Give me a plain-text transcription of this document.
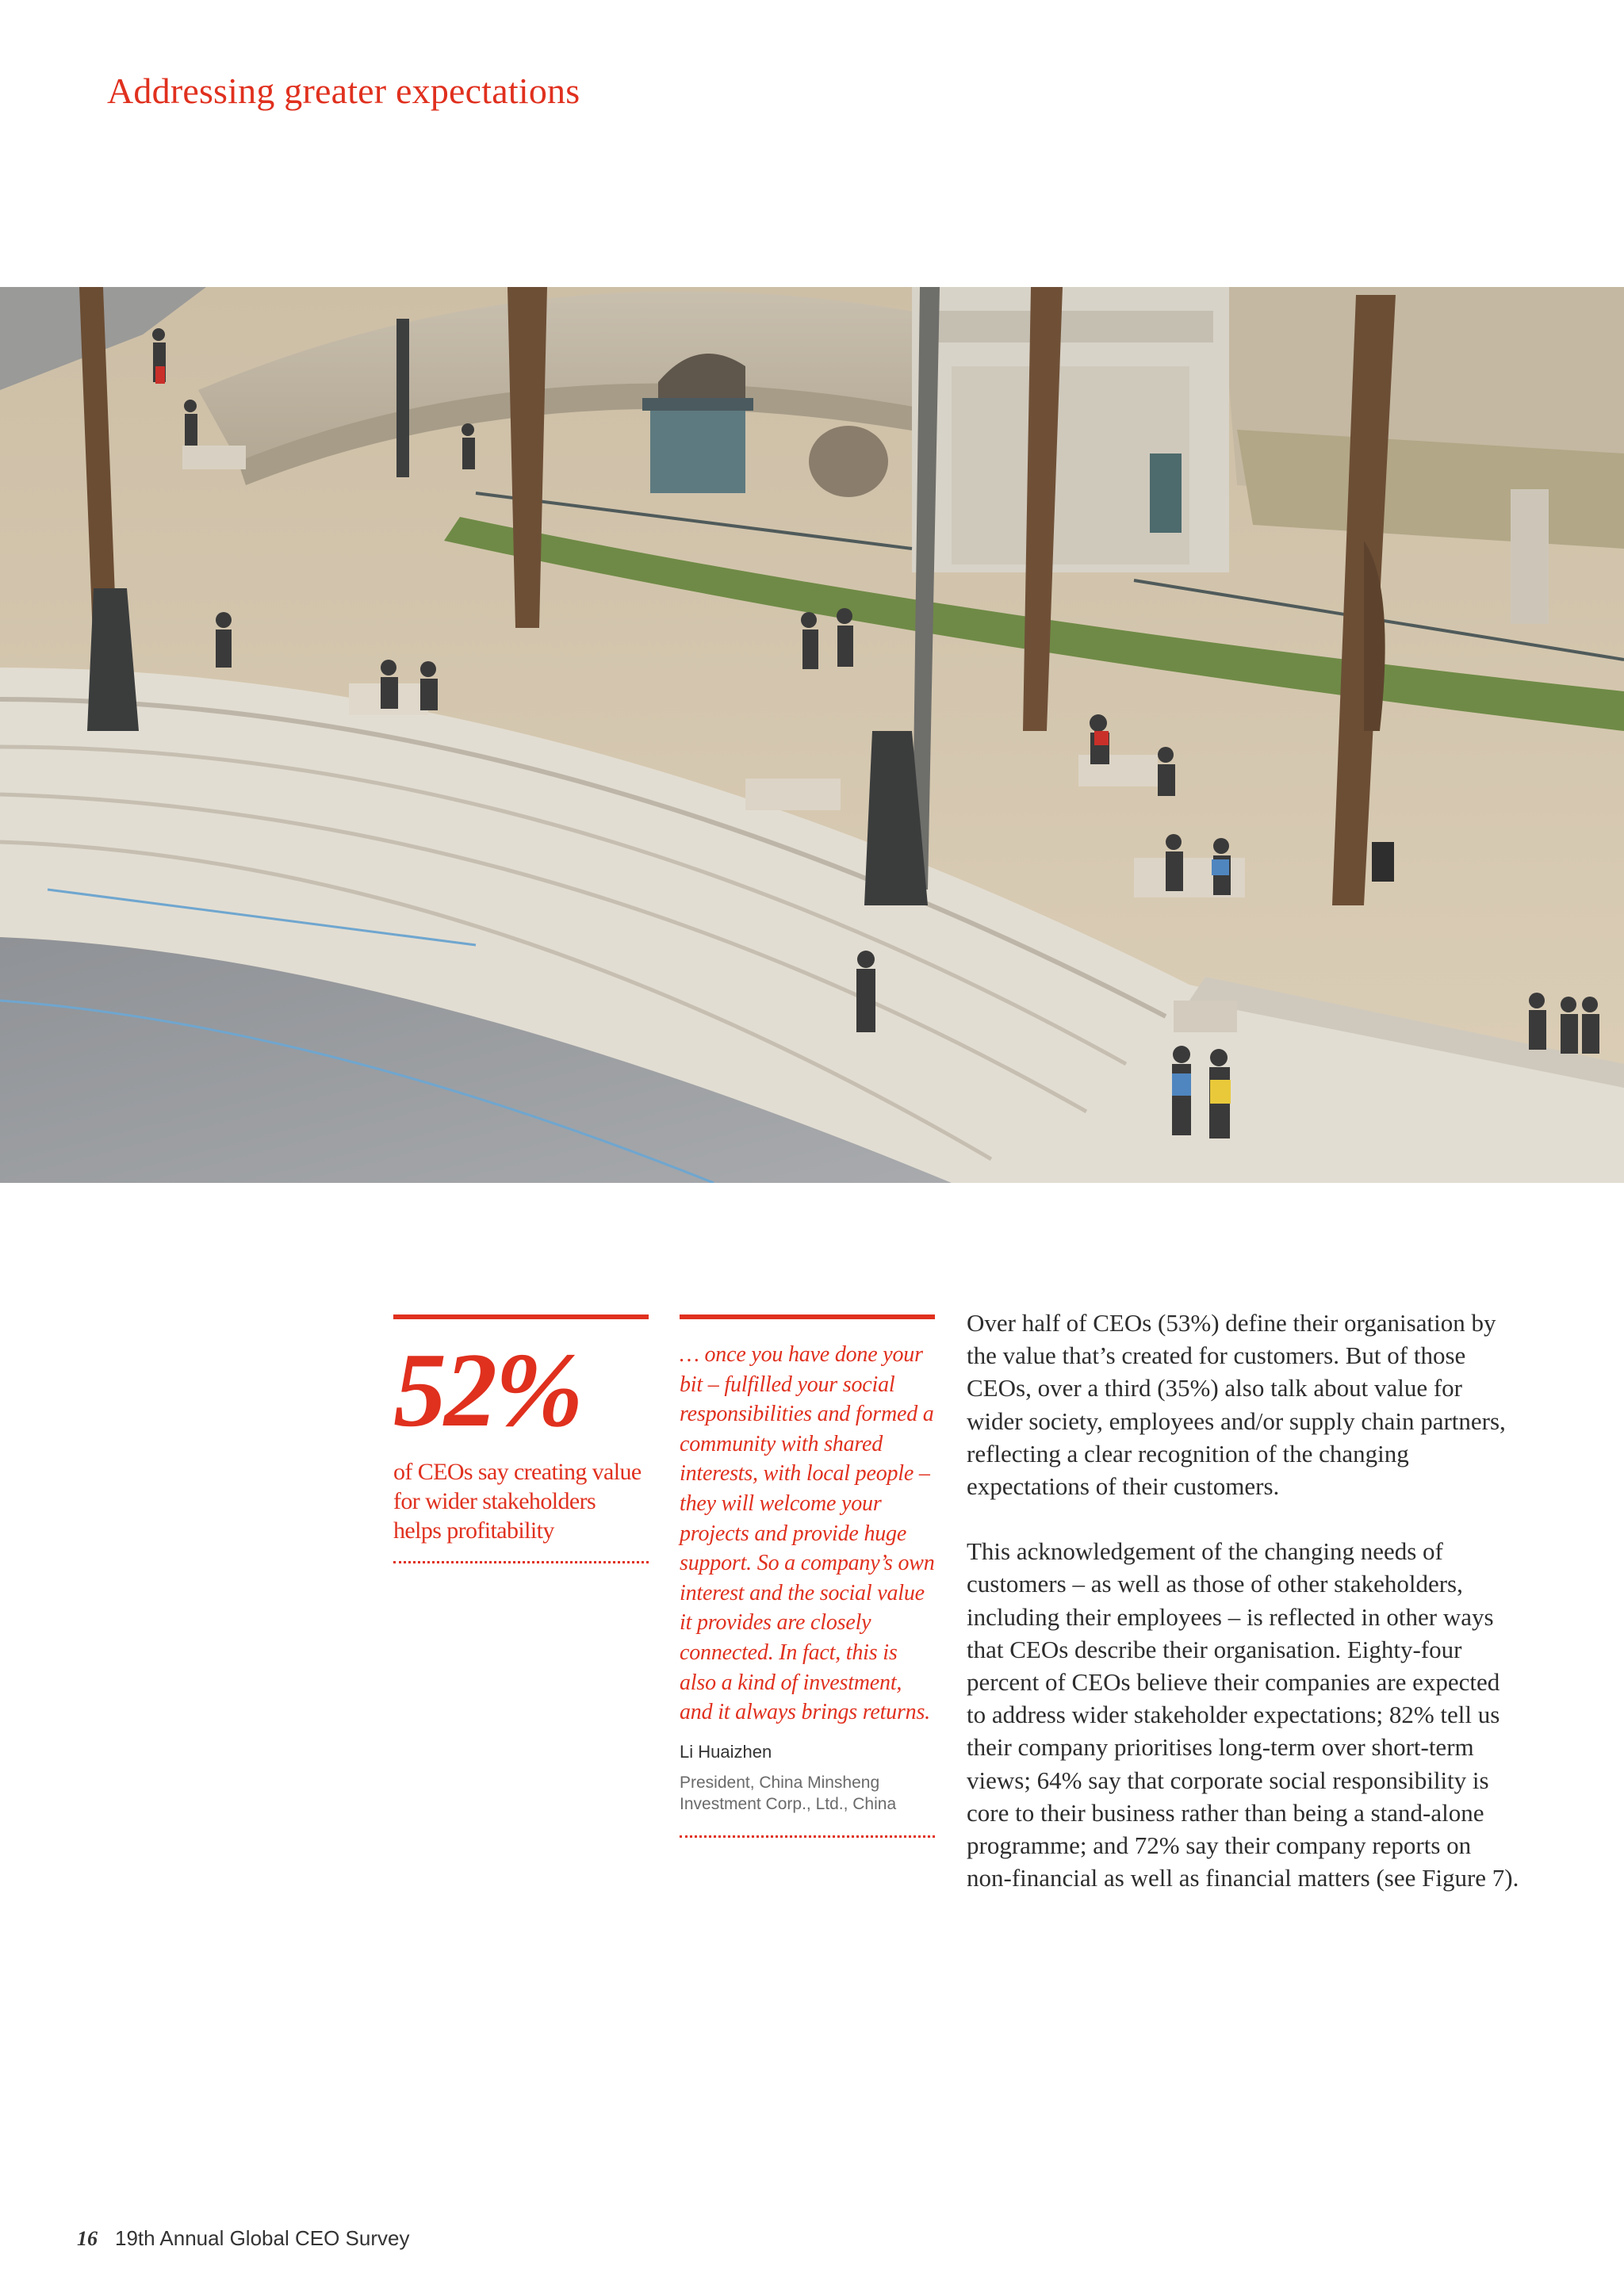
Addressing greater expectations
52%
of CEOs say creating value for wider stakeholders helps profitability
… once you have done your bit – fulfilled your social responsibilities and formed a community with shared interests, with local people – they will welcome your projects and provide huge support. So a company’s own interest and the social value it provides are closely connected. In fact, this is also a kind of investment, and it always brings returns.
Li Huaizhen
President, China Minsheng Investment Corp., Ltd., China

Over half of CEOs (53%) define their organisation by the value that’s created for customers. But of those CEOs, over a third (35%) also talk about value for wider society, employees and/or supply chain partners, reflecting a clear recognition of the changing expectations of their customers.

This acknowledgement of the changing needs of customers – as well as those of other stakeholders, including their employees – is reflected in other ways that CEOs describe their organisation. Eighty-four percent of CEOs believe their companies are expected to address wider stakeholder expectations; 82% tell us their company prioritises long-term over short-term views; 64% say that corporate social responsibility is core to their business rather than being a stand-alone programme; and 72% say their company reports on non-financial as well as financial matters (see Figure 7).

16 19th Annual Global CEO Survey
